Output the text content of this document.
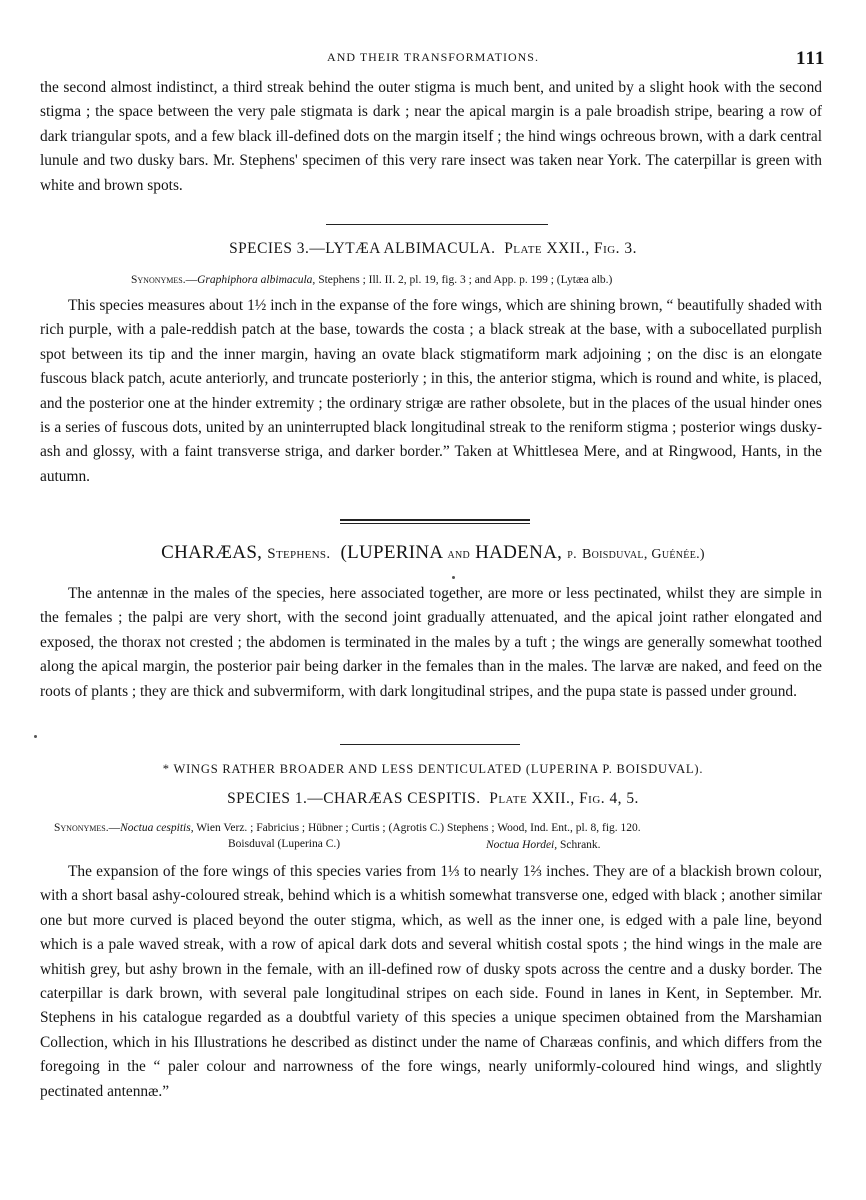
AND THEIR TRANSFORMATIONS.	111

the second almost indistinct, a third streak behind the outer stigma is much bent, and united by a slight hook with the second stigma ; the space between the very pale stigmata is dark ; near the apical margin is a pale broadish stripe, bearing a row of dark triangular spots, and a few black ill-defined dots on the margin itself ; the hind wings ochreous brown, with a dark central lunule and two dusky bars. Mr. Stephens' specimen of this very rare insect was taken near York. The caterpillar is green with white and brown spots.

SPECIES 3.—LYTÆA ALBIMACULA. Plate XXII., Fig. 3.

Synonymes.—Graphiphora albimacula, Stephens ; Ill. II. 2, pl. 19, fig. 3 ; and App. p. 199 ; (Lytæa alb.)

This species measures about 1½ inch in the expanse of the fore wings, which are shining brown, “ beautifully shaded with rich purple, with a pale-reddish patch at the base, towards the costa ; a black streak at the base, with a subocellated purplish spot between its tip and the inner margin, having an ovate black stigmatiform mark adjoining ; on the disc is an elongate fuscous black patch, acute anteriorly, and truncate posteriorly ; in this, the anterior stigma, which is round and white, is placed, and the posterior one at the hinder extremity ; the ordinary strigæ are rather obsolete, but in the places of the usual hinder ones is a series of fuscous dots, united by an uninterrupted black longitudinal streak to the reniform stigma ; posterior wings dusky-ash and glossy, with a faint transverse striga, and darker border.” Taken at Whittlesea Mere, and at Ringwood, Hants, in the autumn.

CHARÆAS, Stephens. (LUPERINA and HADENA, p. Boisduval, Guénée.)

The antennæ in the males of the species, here associated together, are more or less pectinated, whilst they are simple in the females ; the palpi are very short, with the second joint gradually attenuated, and the apical joint rather elongated and exposed, the thorax not crested ; the abdomen is terminated in the males by a tuft ; the wings are generally somewhat toothed along the apical margin, the posterior pair being darker in the females than in the males. The larvæ are naked, and feed on the roots of plants ; they are thick and subvermiform, with dark longitudinal stripes, and the pupa state is passed under ground.

* WINGS RATHER BROADER AND LESS DENTICULATED (LUPERINA P. BOISDUVAL).

SPECIES 1.—CHARÆAS CESPITIS. Plate XXII., Fig. 4, 5.

Synonymes.—Noctua cespitis, Wien Verz. ; Fabricius ; Hübner ; Curtis ; (Agrotis C.) Stephens ; Wood, Ind. Ent., pl. 8, fig. 120.

Boisduval (Luperina C.)	Noctua Hordei, Schrank.

The expansion of the fore wings of this species varies from 1⅓ to nearly 1⅔ inches. They are of a blackish brown colour, with a short basal ashy-coloured streak, behind which is a whitish somewhat transverse one, edged with black ; another similar one but more curved is placed beyond the outer stigma, which, as well as the inner one, is edged with a pale line, beyond which is a pale waved streak, with a row of apical dark dots and several whitish costal spots ; the hind wings in the male are whitish grey, but ashy brown in the female, with an ill-defined row of dusky spots across the centre and a dusky border. The caterpillar is dark brown, with several pale longitudinal stripes on each side. Found in lanes in Kent, in September. Mr. Stephens in his catalogue regarded as a doubtful variety of this species a unique specimen obtained from the Marshamian Collection, which in his Illustrations he described as distinct under the name of Charæas confinis, and which differs from the foregoing in the “ paler colour and narrowness of the fore wings, nearly uniformly-coloured hind wings, and slightly pectinated antennæ.”
